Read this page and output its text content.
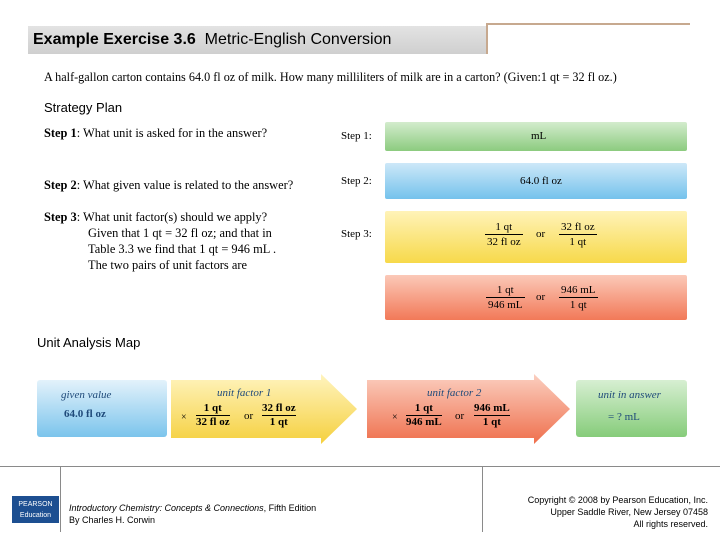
Example Exercise 3.6 Metric-English Conversion
A half-gallon carton contains 64.0 fl oz of milk. How many milliliters of milk are in a carton? (Given:1 qt = 32 fl oz.)
Strategy Plan
Step 1: What unit is asked for in the answer?
Step 2: What given value is related to the answer?
Step 3: What unit factor(s) should we apply?
Given that 1 qt = 32 fl oz; and that in
Table 3.3 we find that 1 qt = 946 mL .
The two pairs of unit factors are
Step 1:	mL
Step 2:	64.0 fl oz
Step 3:	$\frac{1 qt}{\text{32 fl oz}}$ or $\frac{\text{32 fl oz}}{1 qt}$
$\frac{1 qt}{946 mL}$ or $\frac{946 mL}{1 qt}$
Unit Analysis Map
given value
64.0 fl oz
unit factor 1
×
1 qt
32 fl oz or
32 fl oz
1 qt
unit factor 2
×
1 qt
946 mL or
946 mL
1 qt
unit in answer
= ? mL
PEARSON
Education
Introductory Chemistry: Concepts & Connections, Fifth Edition
By Charles H. Corwin
Copyright © 2008 by Pearson Education, Inc.
Upper Saddle River, New Jersey 07458
All rights reserved.
